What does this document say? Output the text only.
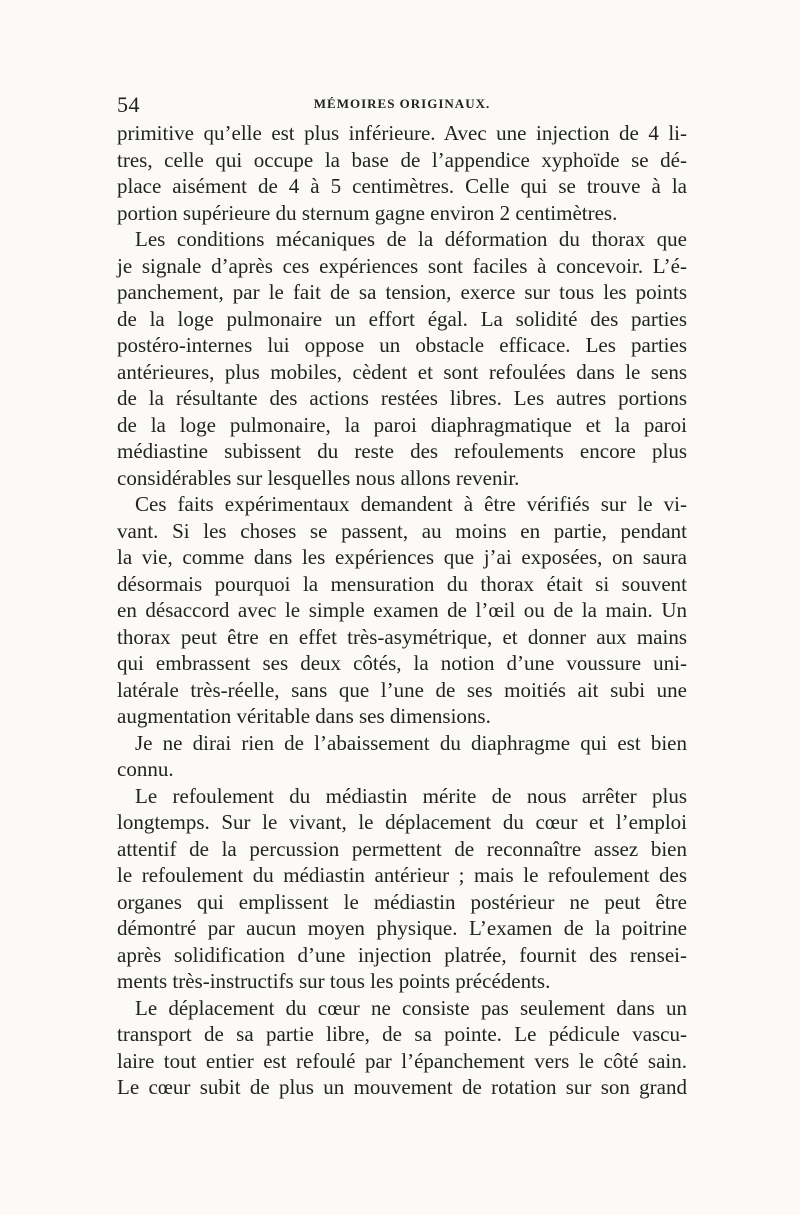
54	MÉMOIRES ORIGINAUX.
primitive qu’elle est plus inférieure. Avec une injection de 4 li-
tres, celle qui occupe la base de l’appendice xyphoïde se dé-
place aisément de 4 à 5 centimètres. Celle qui se trouve à la
portion supérieure du sternum gagne environ 2 centimètres.
Les conditions mécaniques de la déformation du thorax que
je signale d’après ces expériences sont faciles à concevoir. L’é-
panchement, par le fait de sa tension, exerce sur tous les points
de la loge pulmonaire un effort égal. La solidité des parties
postéro-internes lui oppose un obstacle efficace. Les parties
antérieures, plus mobiles, cèdent et sont refoulées dans le sens
de la résultante des actions restées libres. Les autres portions
de la loge pulmonaire, la paroi diaphragmatique et la paroi
médiastine subissent du reste des refoulements encore plus
considérables sur lesquelles nous allons revenir.
Ces faits expérimentaux demandent à être vérifiés sur le vi-
vant. Si les choses se passent, au moins en partie, pendant
la vie, comme dans les expériences que j’ai exposées, on saura
désormais pourquoi la mensuration du thorax était si souvent
en désaccord avec le simple examen de l’œil ou de la main. Un
thorax peut être en effet très-asymétrique, et donner aux mains
qui embrassent ses deux côtés, la notion d’une voussure uni-
latérale très-réelle, sans que l’une de ses moitiés ait subi une
augmentation véritable dans ses dimensions.
Je ne dirai rien de l’abaissement du diaphragme qui est bien
connu.
Le refoulement du médiastin mérite de nous arrêter plus
longtemps. Sur le vivant, le déplacement du cœur et l’emploi
attentif de la percussion permettent de reconnaître assez bien
le refoulement du médiastin antérieur ; mais le refoulement des
organes qui emplissent le médiastin postérieur ne peut être
démontré par aucun moyen physique. L’examen de la poitrine
après solidification d’une injection platrée, fournit des rensei-
ments très-instructifs sur tous les points précédents.
Le déplacement du cœur ne consiste pas seulement dans un
transport de sa partie libre, de sa pointe. Le pédicule vascu-
laire tout entier est refoulé par l’épanchement vers le côté sain.
Le cœur subit de plus un mouvement de rotation sur son grand
